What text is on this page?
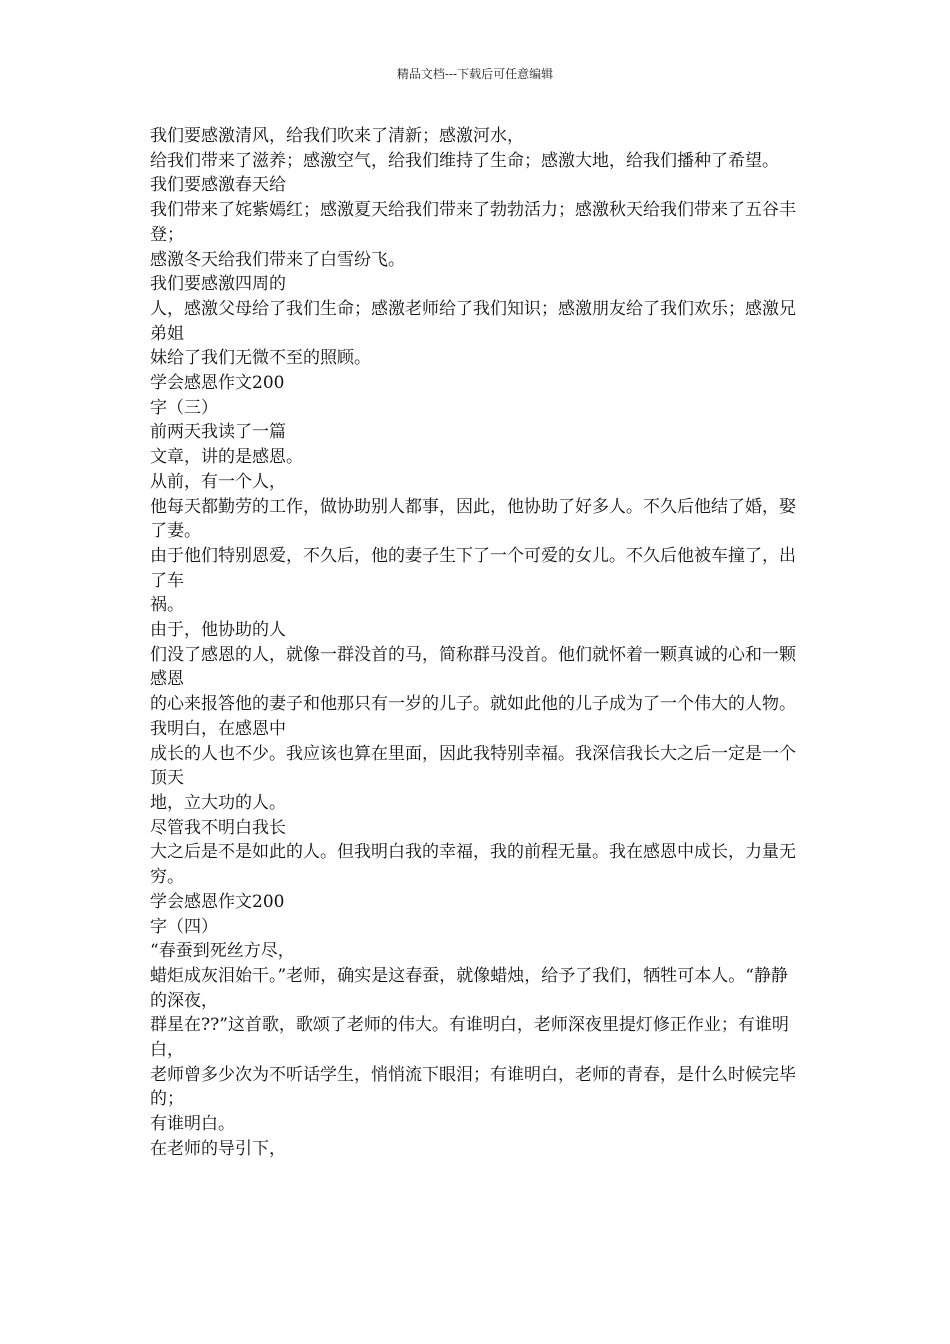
精品文档---下载后可任意编辑
我们要感激清风，给我们吹来了清新；感激河水，
给我们带来了滋养；感激空气，给我们维持了生命；感激大地，给我们播种了希望。
我们要感激春天给
我们带来了姹紫嫣红；感激夏天给我们带来了勃勃活力；感激秋天给我们带来了五谷丰登；
感激冬天给我们带来了白雪纷飞。
我们要感激四周的
人，感激父母给了我们生命；感激老师给了我们知识；感激朋友给了我们欢乐；感激兄弟姐
妹给了我们无微不至的照顾。
学会感恩作文200
字（三）
前两天我读了一篇
文章，讲的是感恩。
从前，有一个人，
他每天都勤劳的工作，做协助别人都事，因此，他协助了好多人。不久后他结了婚，娶了妻。
由于他们特别恩爱，不久后，他的妻子生下了一个可爱的女儿。不久后他被车撞了，出了车
祸。
由于，他协助的人
们没了感恩的人，就像一群没首的马，简称群马没首。他们就怀着一颗真诚的心和一颗感恩
的心来报答他的妻子和他那只有一岁的儿子。就如此他的儿子成为了一个伟大的人物。
我明白，在感恩中
成长的人也不少。我应该也算在里面，因此我特别幸福。我深信我长大之后一定是一个顶天
地，立大功的人。
尽管我不明白我长
大之后是不是如此的人。但我明白我的幸福，我的前程无量。我在感恩中成长，力量无穷。
学会感恩作文200
字（四）
“春蚕到死丝方尽，
蜡炬成灰泪始干。”老师，确实是这春蚕，就像蜡烛，给予了我们，牺牲可本人。“静静的深夜，
群星在??”这首歌，歌颂了老师的伟大。有谁明白，老师深夜里提灯修正作业；有谁明白，
老师曾多少次为不听话学生，悄悄流下眼泪；有谁明白，老师的青春，是什么时候完毕的；
有谁明白。
在老师的导引下，
